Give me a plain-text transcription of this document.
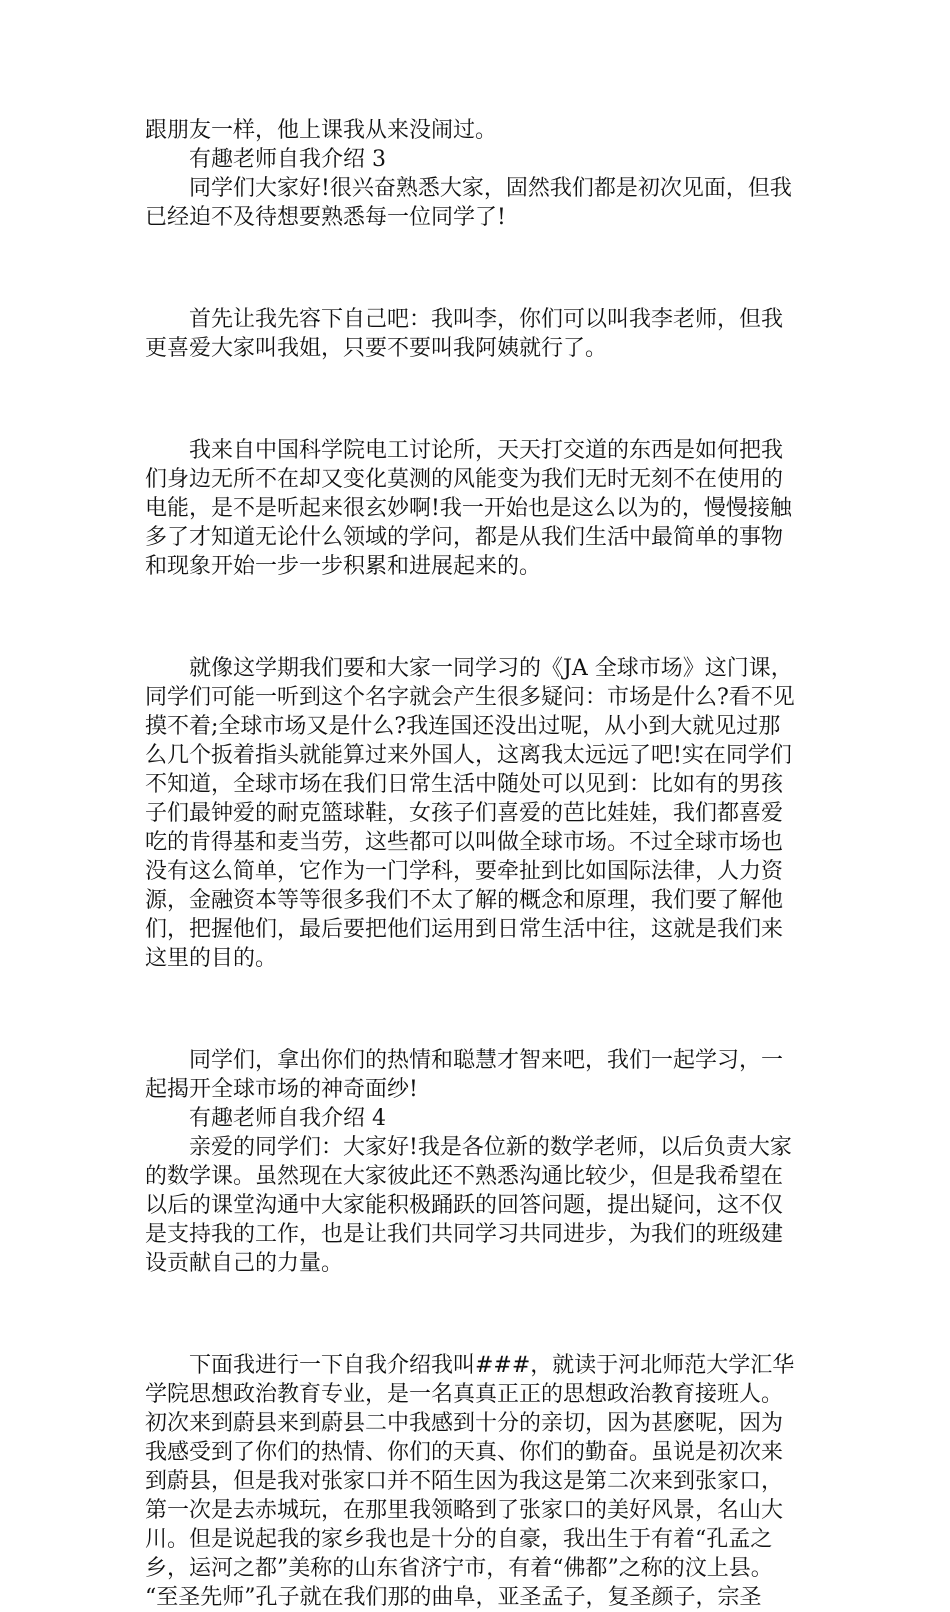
跟朋友一样，他上课我从来没闹过。

有趣老师自我介绍 3

同学们大家好!很兴奋熟悉大家，固然我们都是初次见面，但我

已经迫不及待想要熟悉每一位同学了!

首先让我先容下自己吧：我叫李，你们可以叫我李老师，但我

更喜爱大家叫我姐，只要不要叫我阿姨就行了。

我来自中国科学院电工讨论所，天天打交道的东西是如何把我

们身边无所不在却又变化莫测的风能变为我们无时无刻不在使用的

电能，是不是听起来很玄妙啊!我一开始也是这么以为的，慢慢接触

多了才知道无论什么领域的学问，都是从我们生活中最简单的事物

和现象开始一步一步积累和进展起来的。

就像这学期我们要和大家一同学习的《JA 全球市场》这门课，

同学们可能一听到这个名字就会产生很多疑问：市场是什么?看不见

摸不着;全球市场又是什么?我连国还没出过呢，从小到大就见过那

么几个扳着指头就能算过来外国人，这离我太远远了吧!实在同学们

不知道，全球市场在我们日常生活中随处可以见到：比如有的男孩

子们最钟爱的耐克篮球鞋，女孩子们喜爱的芭比娃娃，我们都喜爱

吃的肯得基和麦当劳，这些都可以叫做全球市场。不过全球市场也

没有这么简单，它作为一门学科，要牵扯到比如国际法律，人力资

源，金融资本等等很多我们不太了解的概念和原理，我们要了解他

们，把握他们，最后要把他们运用到日常生活中往，这就是我们来

这里的目的。

同学们，拿出你们的热情和聪慧才智来吧，我们一起学习，一

起揭开全球市场的神奇面纱!

有趣老师自我介绍 4

亲爱的同学们：大家好!我是各位新的数学老师，以后负责大家

的数学课。虽然现在大家彼此还不熟悉沟通比较少，但是我希望在

以后的课堂沟通中大家能积极踊跃的回答问题，提出疑问，这不仅

是支持我的工作，也是让我们共同学习共同进步，为我们的班级建

设贡献自己的力量。

下面我进行一下自我介绍我叫###，就读于河北师范大学汇华

学院思想政治教育专业，是一名真真正正的思想政治教育接班人。

初次来到蔚县来到蔚县二中我感到十分的亲切，因为甚麽呢，因为

我感受到了你们的热情、你们的天真、你们的勤奋。虽说是初次来

到蔚县，但是我对张家口并不陌生因为我这是第二次来到张家口，

第一次是去赤城玩，在那里我领略到了张家口的美好风景，名山大

川。但是说起我的家乡我也是十分的自豪，我出生于有着“孔孟之

乡，运河之都”美称的山东省济宁市，有着“佛都”之称的汶上县。

“至圣先师”孔子就在我们那的曲阜，亚圣孟子，复圣颜子，宗圣
